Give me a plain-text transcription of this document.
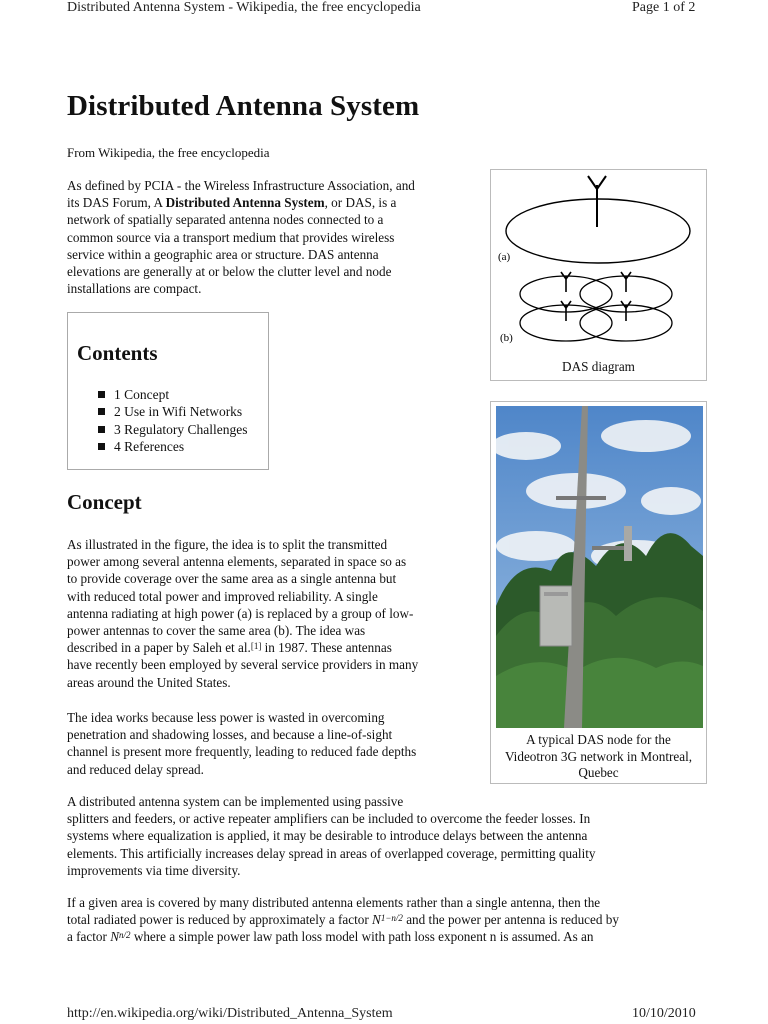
Distributed Antenna System - Wikipedia, the free encyclopedia	Page 1 of 2
Distributed Antenna System
From Wikipedia, the free encyclopedia
As defined by PCIA - the Wireless Infrastructure Association, and
its DAS Forum, A Distributed Antenna System, or DAS, is a
network of spatially separated antenna nodes connected to a
common source via a transport medium that provides wireless
service within a geographic area or structure. DAS antenna
elevations are generally at or below the clutter level and node
installations are compact.
Contents
1 Concept
2 Use in Wifi Networks
3 Regulatory Challenges
4 References
Concept
As illustrated in the figure, the idea is to split the transmitted
power among several antenna elements, separated in space so as
to provide coverage over the same area as a single antenna but
with reduced total power and improved reliability. A single
antenna radiating at high power (a) is replaced by a group of low-
power antennas to cover the same area (b). The idea was
described in a paper by Saleh et al.[1] in 1987. These antennas
have recently been employed by several service providers in many
areas around the United States.
The idea works because less power is wasted in overcoming
penetration and shadowing losses, and because a line-of-sight
channel is present more frequently, leading to reduced fade depths
and reduced delay spread.
A distributed antenna system can be implemented using passive
splitters and feeders, or active repeater amplifiers can be included to overcome the feeder losses. In
systems where equalization is applied, it may be desirable to introduce delays between the antenna
elements. This artificially increases delay spread in areas of overlapped coverage, permitting quality
improvements via time diversity.
If a given area is covered by many distributed antenna elements rather than a single antenna, then the
total radiated power is reduced by approximately a factor $N^{1-n/2}$ and the power per antenna is reduced by
a factor $N^{n/2}$ where a simple power law path loss model with path loss exponent n is assumed. As an
(a)
(b)
DAS diagram
A typical DAS node for the
Videotron 3G network in Montreal,
Quebec
http://en.wikipedia.org/wiki/Distributed_Antenna_System	10/10/2010
